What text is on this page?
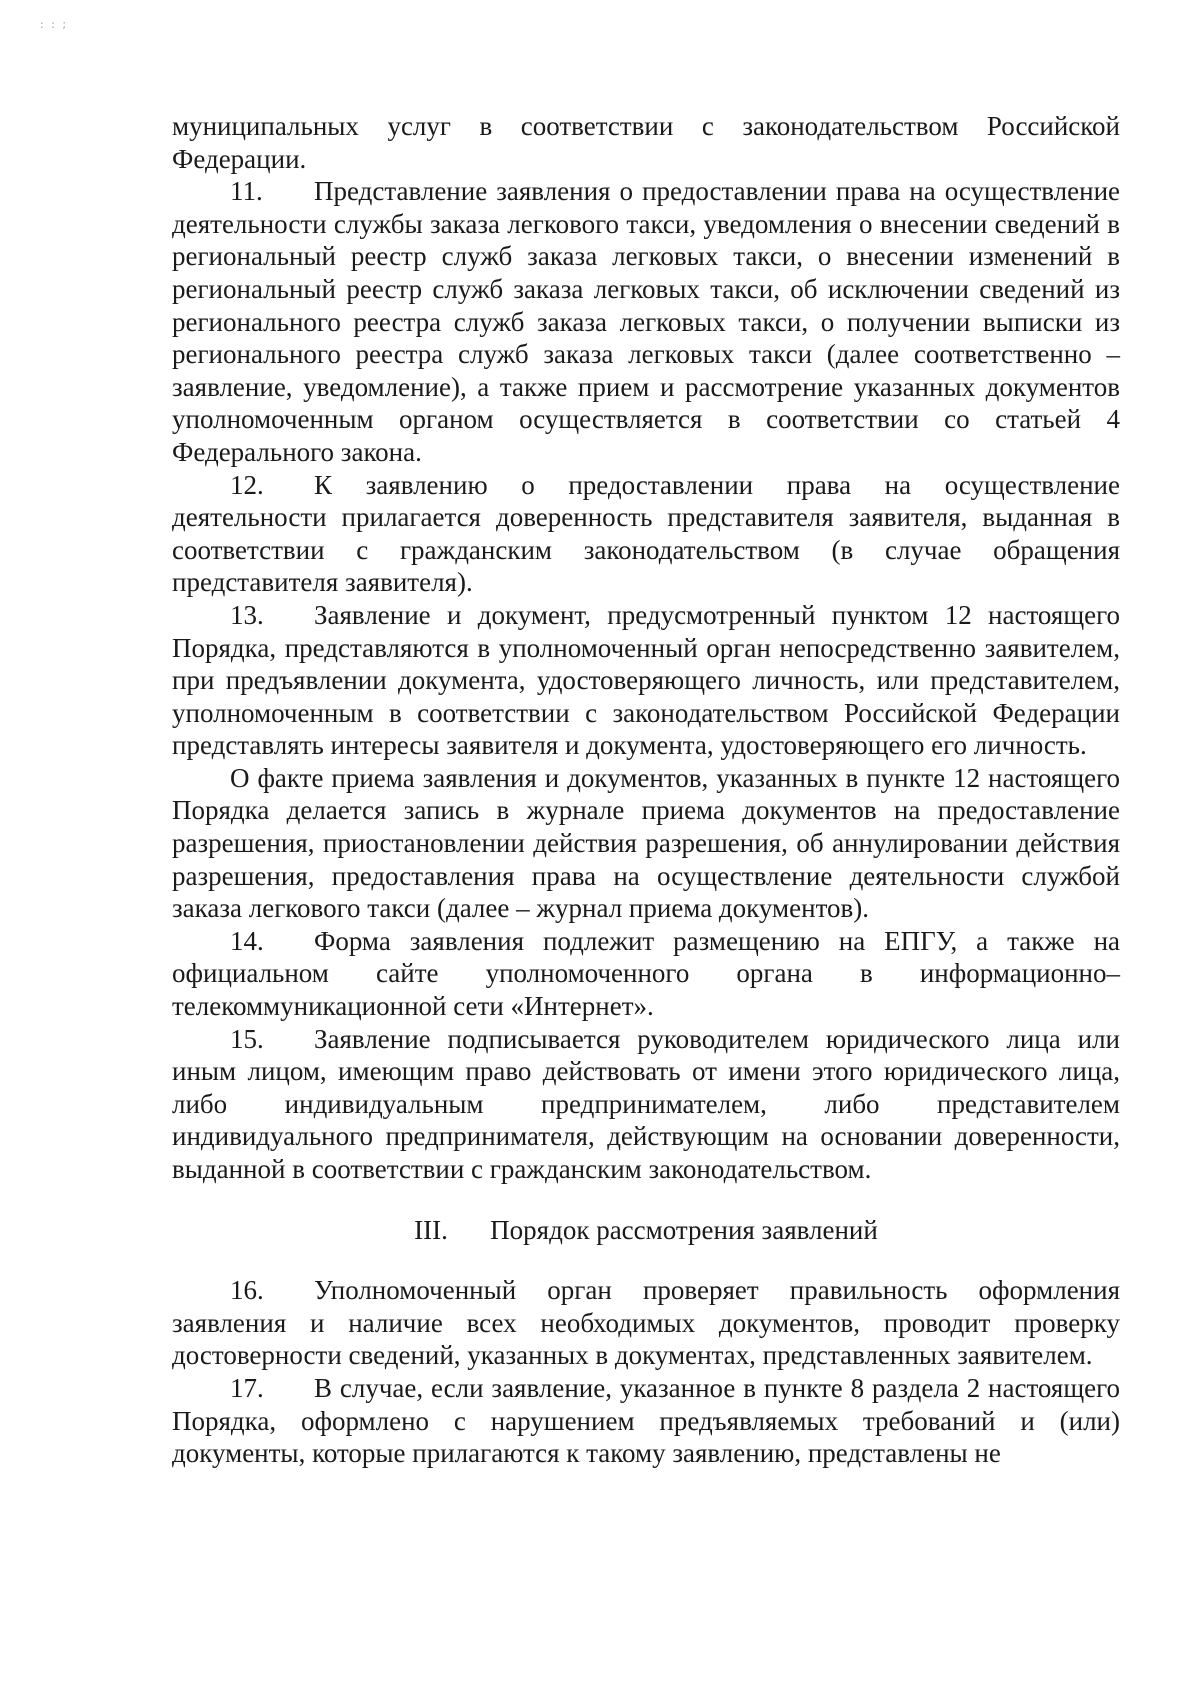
: : ;

муниципальных услуг в соответствии с законодательством Российской Федерации.

11. Представление заявления о предоставлении права на осуществление деятельности службы заказа легкового такси, уведомления о внесении сведений в региональный реестр служб заказа легковых такси, о внесении изменений в региональный реестр служб заказа легковых такси, об исключении сведений из регионального реестра служб заказа легковых такси, о получении выписки из регионального реестра служб заказа легковых такси (далее соответственно – заявление, уведомление), а также прием и рассмотрение указанных документов уполномоченным органом осуществляется в соответствии со статьей 4 Федерального закона.

12. К заявлению о предоставлении права на осуществление деятельности прилагается доверенность представителя заявителя, выданная в соответствии с гражданским законодательством (в случае обращения представителя заявителя).

13. Заявление и документ, предусмотренный пунктом 12 настоящего Порядка, представляются в уполномоченный орган непосредственно заявителем, при предъявлении документа, удостоверяющего личность, или представителем, уполномоченным в соответствии с законодательством Российской Федерации представлять интересы заявителя и документа, удостоверяющего его личность.

О факте приема заявления и документов, указанных в пункте 12 настоящего Порядка делается запись в журнале приема документов на предоставление разрешения, приостановлении действия разрешения, об аннулировании действия разрешения, предоставления права на осуществление деятельности службой заказа легкового такси (далее – журнал приема документов).

14. Форма заявления подлежит размещению на ЕПГУ, а также на официальном сайте уполномоченного органа в информационно–телекоммуникационной сети «Интернет».

15. Заявление подписывается руководителем юридического лица или иным лицом, имеющим право действовать от имени этого юридического лица, либо индивидуальным предпринимателем, либо представителем индивидуального предпринимателя, действующим на основании доверенности, выданной в соответствии с гражданским законодательством.

III. Порядок рассмотрения заявлений

16. Уполномоченный орган проверяет правильность оформления заявления и наличие всех необходимых документов, проводит проверку достоверности сведений, указанных в документах, представленных заявителем.

17. В случае, если заявление, указанное в пункте 8 раздела 2 настоящего Порядка, оформлено с нарушением предъявляемых требований и (или) документы, которые прилагаются к такому заявлению, представлены не
